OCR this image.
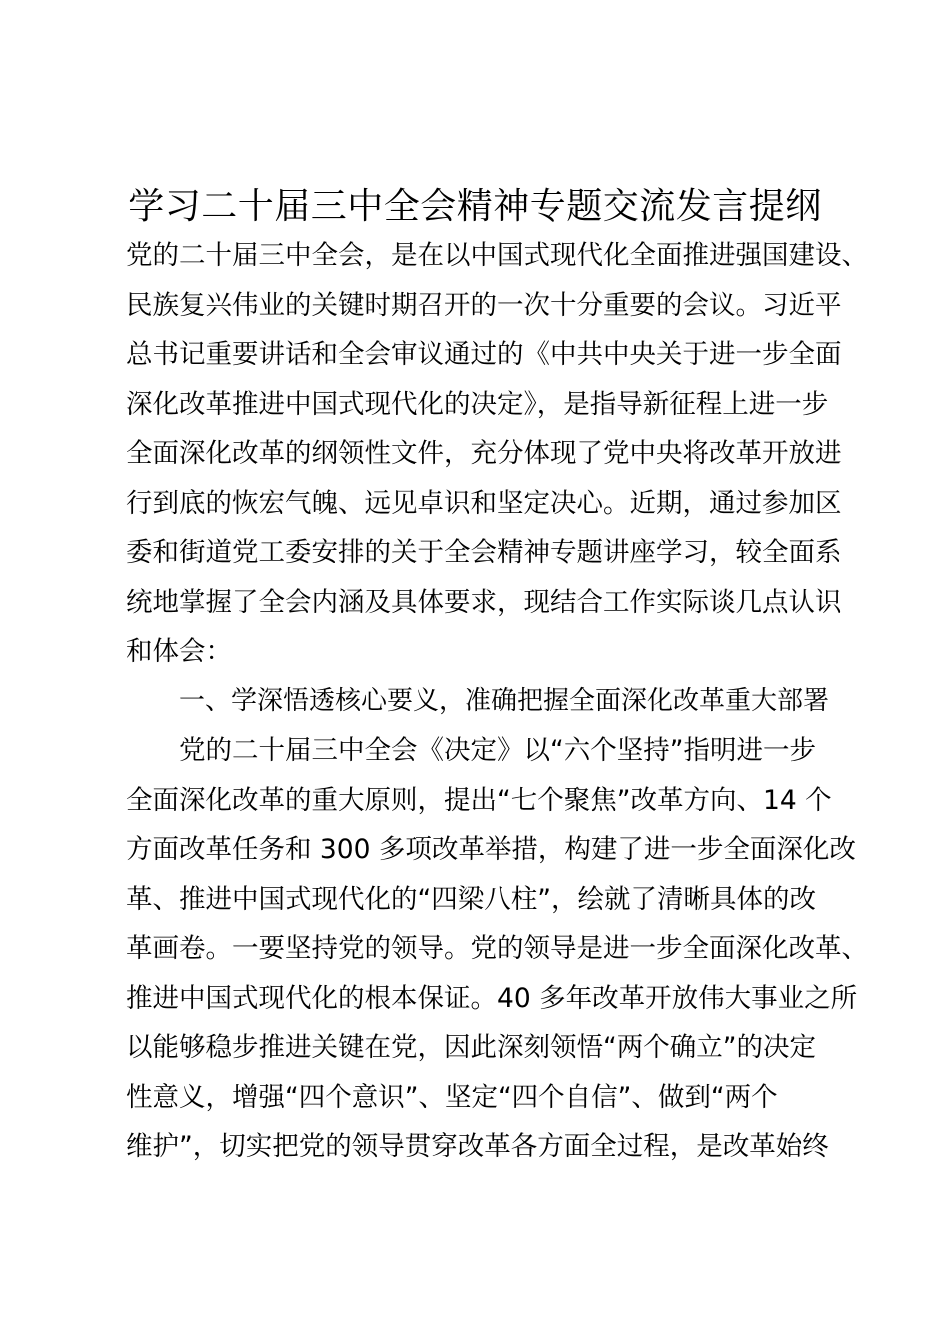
学习二十届三中全会精神专题交流发言提纲

党的二十届三中全会，是在以中国式现代化全面推进强国建设、
民族复兴伟业的关键时期召开的一次十分重要的会议。习近平
总书记重要讲话和全会审议通过的《中共中央关于进一步全面
深化改革推进中国式现代化的决定》，是指导新征程上进一步
全面深化改革的纲领性文件，充分体现了党中央将改革开放进
行到底的恢宏气魄、远见卓识和坚定决心。近期，通过参加区
委和街道党工委安排的关于全会精神专题讲座学习，较全面系
统地掌握了全会内涵及具体要求，现结合工作实际谈几点认识
和体会：

一、学深悟透核心要义，准确把握全面深化改革重大部署

党的二十届三中全会《决定》以“六个坚持”指明进一步
全面深化改革的重大原则，提出“七个聚焦”改革方向、14 个
方面改革任务和 300 多项改革举措，构建了进一步全面深化改
革、推进中国式现代化的“四梁八柱”，绘就了清晰具体的改
革画卷。一要坚持党的领导。党的领导是进一步全面深化改革、
推进中国式现代化的根本保证。40 多年改革开放伟大事业之所
以能够稳步推进关键在党，因此深刻领悟“两个确立”的决定
性意义，增强“四个意识”、坚定“四个自信”、做到“两个
维护”，切实把党的领导贯穿改革各方面全过程，是改革始终
